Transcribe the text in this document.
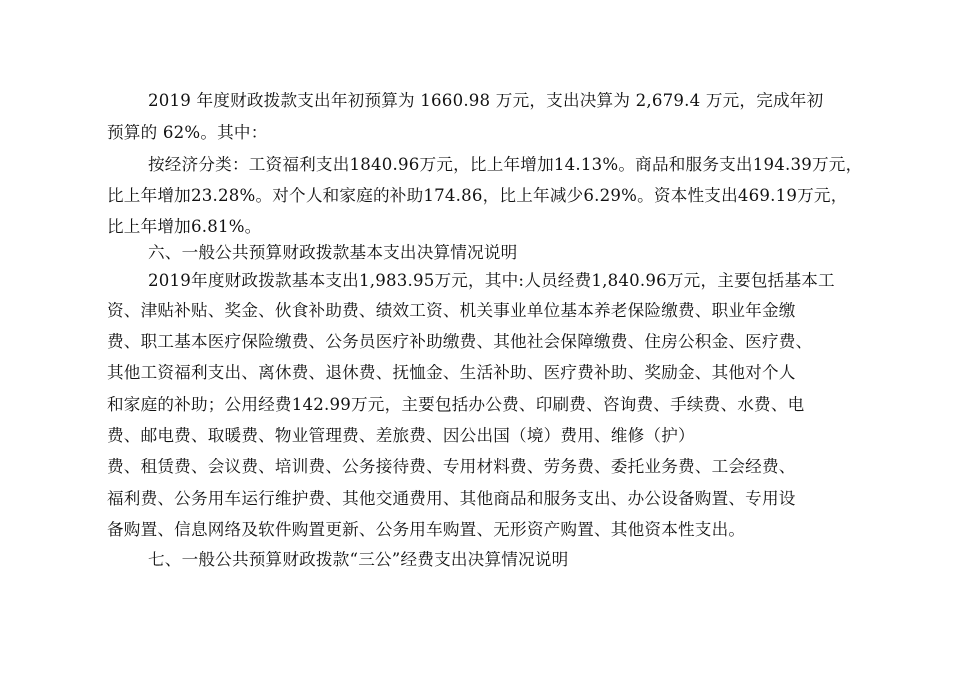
2019 年度财政拨款支出年初预算为 1660.98 万元，支出决算为 2,679.4 万元，完成年初
预算的 62%。其中：
按经济分类：工资福利支出1840.96万元，比上年增加14.13%。商品和服务支出194.39万元，
比上年增加23.28%。对个人和家庭的补助174.86，比上年减少6.29%。资本性支出469.19万元，
比上年增加6.81%。
六、一般公共预算财政拨款基本支出决算情况说明
2019年度财政拨款基本支出1,983.95万元，其中:人员经费1,840.96万元，主要包括基本工
资、津贴补贴、奖金、伙食补助费、绩效工资、机关事业单位基本养老保险缴费、职业年金缴
费、职工基本医疗保险缴费、公务员医疗补助缴费、其他社会保障缴费、住房公积金、医疗费、
其他工资福利支出、离休费、退休费、抚恤金、生活补助、医疗费补助、奖励金、其他对个人
和家庭的补助；公用经费142.99万元，主要包括办公费、印刷费、咨询费、手续费、水费、电
费、邮电费、取暖费、物业管理费、差旅费、因公出国（境）费用、维修（护）
费、租赁费、会议费、培训费、公务接待费、专用材料费、劳务费、委托业务费、工会经费、
福利费、公务用车运行维护费、其他交通费用、其他商品和服务支出、办公设备购置、专用设
备购置、信息网络及软件购置更新、公务用车购置、无形资产购置、其他资本性支出。
七、一般公共预算财政拨款“三公”经费支出决算情况说明
